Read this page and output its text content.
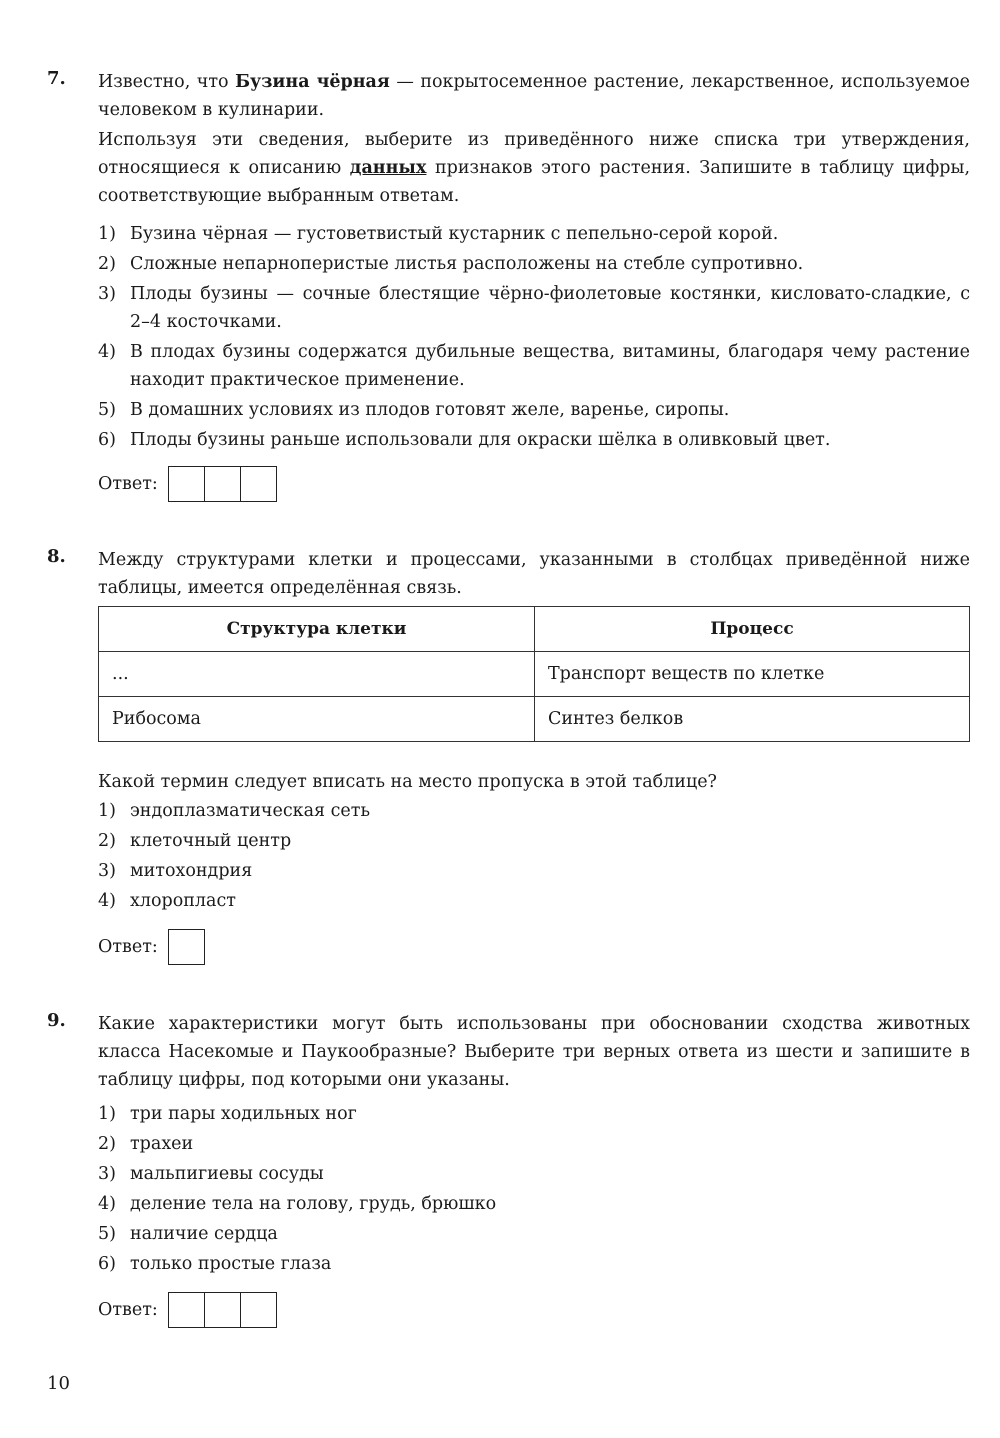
7. Известно, что Бузина чёрная — покрытосеменное растение, лекарственное, используемое человеком в кулинарии.
Используя эти сведения, выберите из приведённого ниже списка три утверждения, относящиеся к описанию данных признаков этого растения. Запишите в таблицу цифры, соответствующие выбранным ответам.
1) Бузина чёрная — густоветвистый кустарник с пепельно-серой корой.
2) Сложные непарноперистые листья расположены на стебле супротивно.
3) Плоды бузины — сочные блестящие чёрно-фиолетовые костянки, кисловато-сладкие, с 2–4 косточками.
4) В плодах бузины содержатся дубильные вещества, витамины, благодаря чему растение находит практическое применение.
5) В домашних условиях из плодов готовят желе, варенье, сиропы.
6) Плоды бузины раньше использовали для окраски шёлка в оливковый цвет.
Ответ:
8. Между структурами клетки и процессами, указанными в столбцах приведённой ниже таблицы, имеется определённая связь.
Структура клетки	Процесс
...	Транспорт веществ по клетке
Рибосома	Синтез белков
Какой термин следует вписать на место пропуска в этой таблице?
1) эндоплазматическая сеть
2) клеточный центр
3) митохондрия
4) хлоропласт
Ответ:
9. Какие характеристики могут быть использованы при обосновании сходства животных класса Насекомые и Паукообразные? Выберите три верных ответа из шести и запишите в таблицу цифры, под которыми они указаны.
1) три пары ходильных ног
2) трахеи
3) мальпигиевы сосуды
4) деление тела на голову, грудь, брюшко
5) наличие сердца
6) только простые глаза
Ответ:
10
